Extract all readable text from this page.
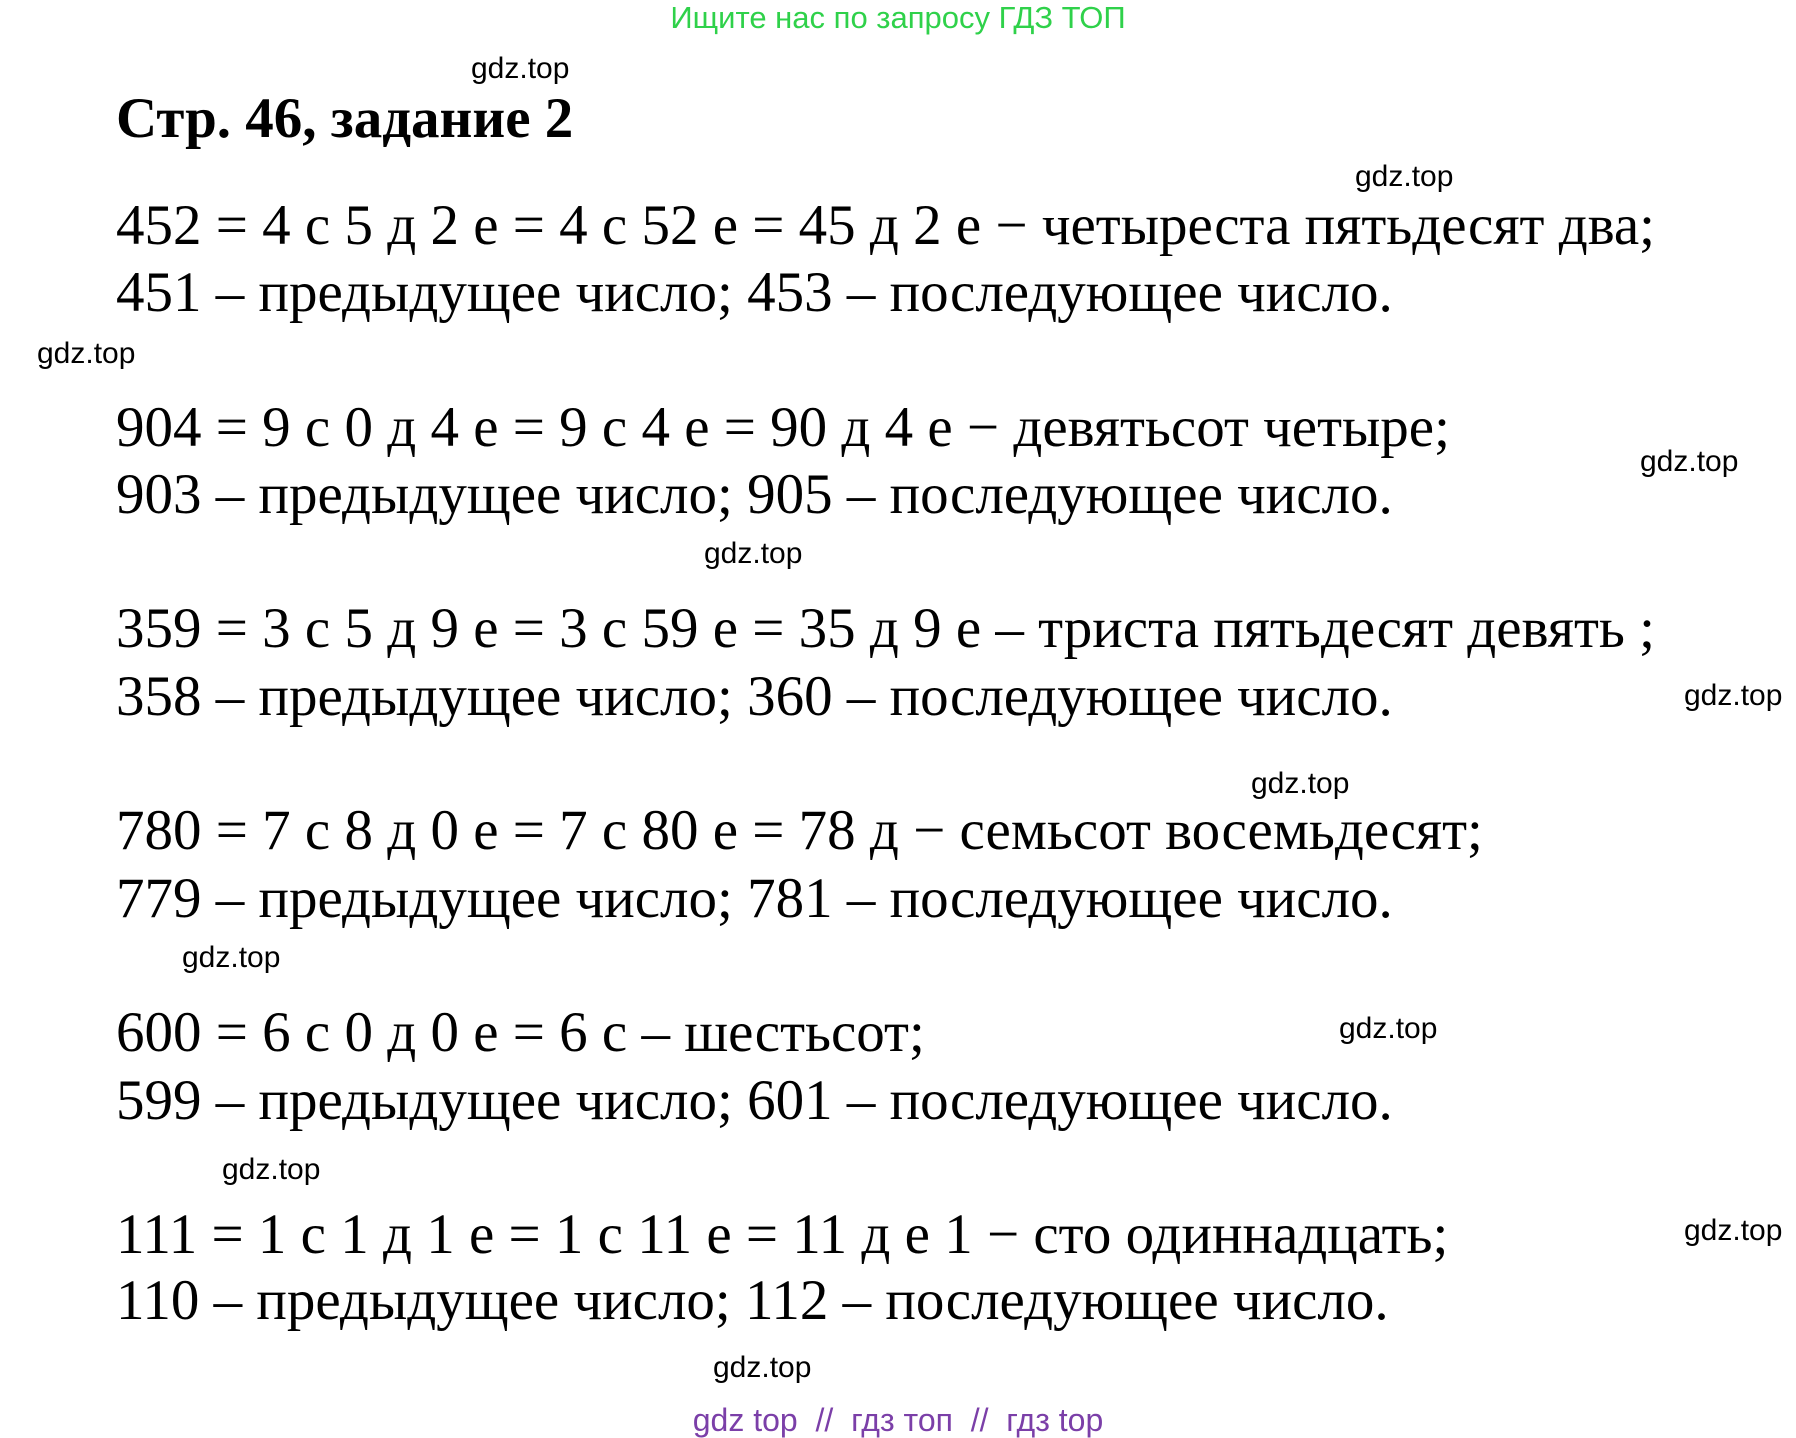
Ищите нас по запросу ГДЗ ТОП
gdz.top
Стр. 46, задание 2
gdz.top
452 = 4 с 5 д 2 е = 4 с 52 е = 45 д 2 е − четыреста пятьдесят два;
451 – предыдущее число; 453 – последующее число.
gdz.top
904 = 9 с 0 д 4 е = 9 с 4 е = 90 д 4 е − девятьсот четыре;
gdz.top
903 – предыдущее число; 905 – последующее число.
gdz.top
359 = 3 с 5 д 9 е = 3 с 59 е = 35 д 9 е – триста пятьдесят девять ;
358 – предыдущее число; 360 – последующее число.	gdz.top
gdz.top
780 = 7 с 8 д 0 е = 7 с 80 е = 78 д − семьсот восемьдесят;
779 – предыдущее число; 781 – последующее число.
gdz.top
600 = 6 с 0 д 0 е = 6 с – шестьсот;	gdz.top
599 – предыдущее число; 601 – последующее число.
gdz.top
111 = 1 с 1 д 1 е = 1 с 11 е = 11 д е 1 − сто одиннадцать;	gdz.top
110 – предыдущее число; 112 – последующее число.
gdz.top
gdz top  //  гдз топ  //  гдз top
